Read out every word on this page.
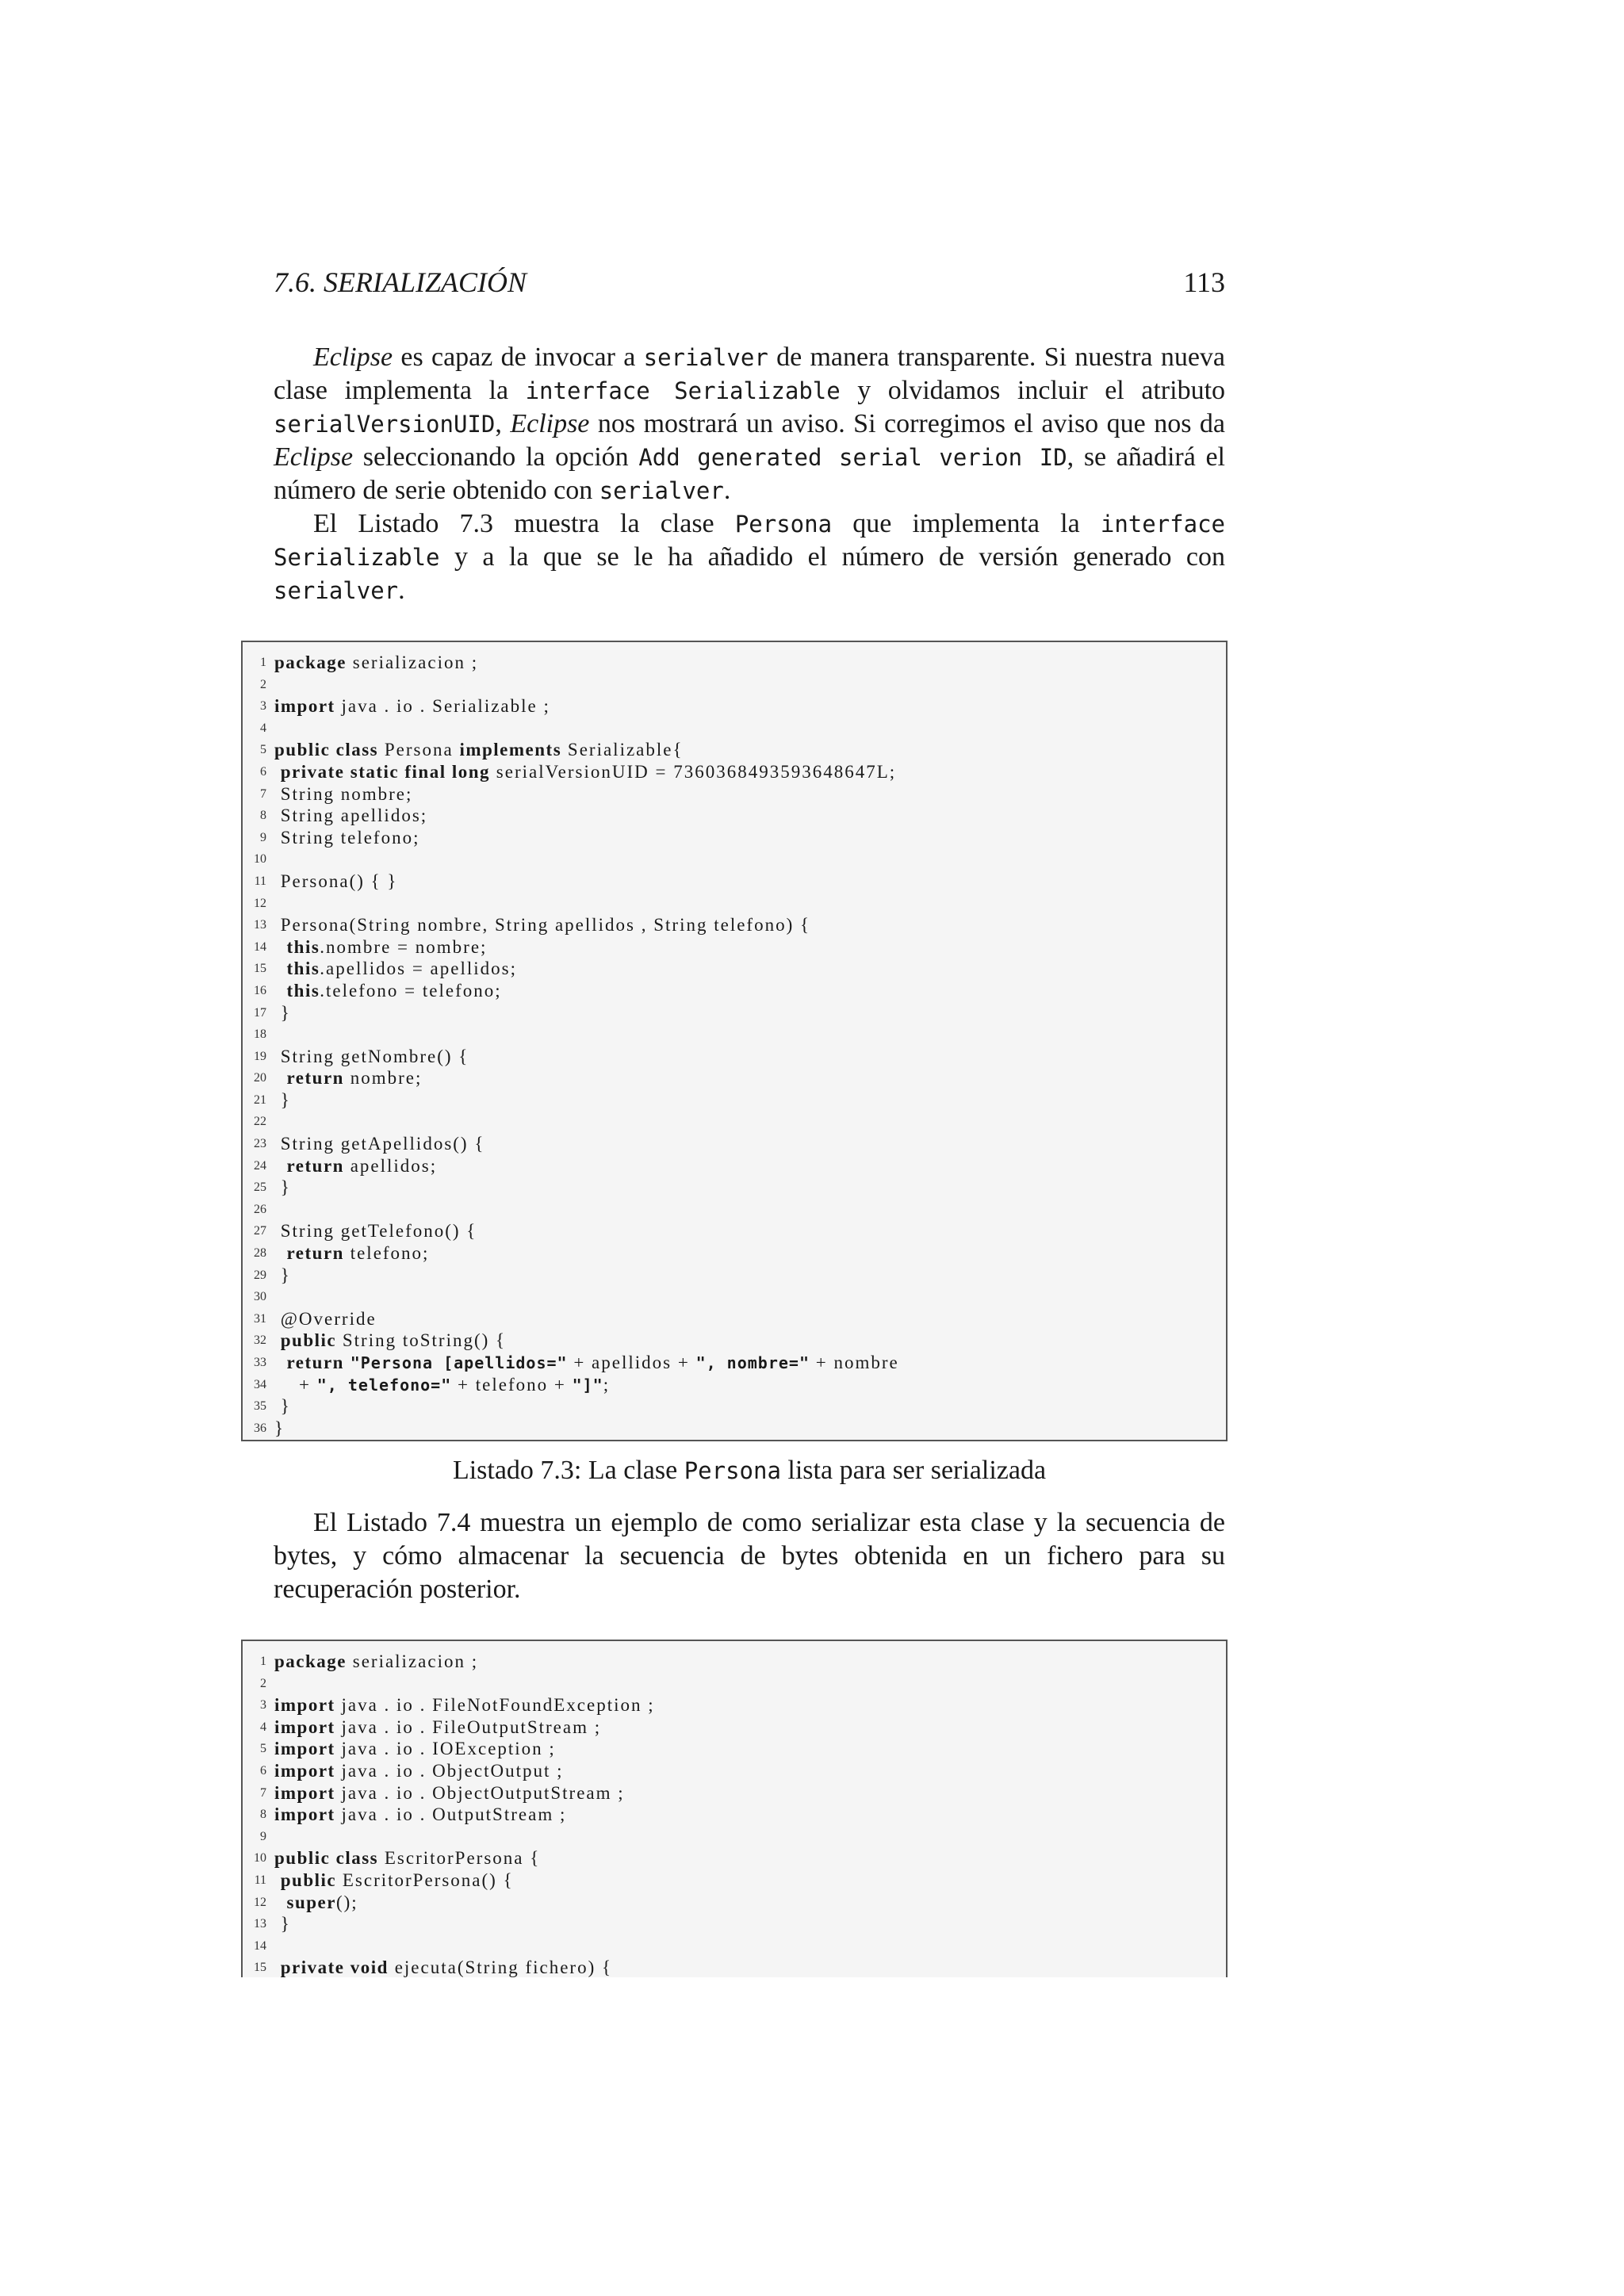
7.6. SERIALIZACIÓN	113

Eclipse es capaz de invocar a serialver de manera transparente. Si nuestra nueva clase implementa la interface Serializable y olvidamos incluir el atributo serialVersionUID, Eclipse nos mostrará un aviso. Si corregimos el aviso que nos da Eclipse seleccionando la opción Add generated serial verion ID, se añadirá el número de serie obtenido con serialver.

El Listado 7.3 muestra la clase Persona que implementa la interface Serializable y a la que se le ha añadido el número de versión generado con serialver.

1 package serializacion ;
2
3 import java . io . Serializable ;
4
5 public class Persona implements Serializable{
6 private static final long serialVersionUID = 7360368493593648647L;
7 String nombre;
8 String apellidos;
9 String telefono;
10
11 Persona() { }
12
13 Persona(String nombre, String apellidos , String telefono) {
14	this.nombre = nombre;
15	this.apellidos = apellidos;
16	this.telefono = telefono;
17 }
18
19 String getNombre() {
20	return nombre;
21 }
22
23 String getApellidos() {
24	return apellidos;
25 }
26
27 String getTelefono() {
28	return telefono;
29 }
30
31 @Override
32 public String toString() {
33	return "Persona [apellidos=" + apellidos + ", nombre=" + nombre
34 + ", telefono=" + telefono + "]";
35 }
36 }
Listado 7.3: La clase Persona lista para ser serializada

El Listado 7.4 muestra un ejemplo de como serializar esta clase y la secuencia de bytes, y cómo almacenar la secuencia de bytes obtenida en un fichero para su recuperación posterior.

1 package serializacion ;
2
3 import java . io . FileNotFoundException ;
4 import java . io . FileOutputStream ;
5 import java . io . IOException ;
6 import java . io . ObjectOutput ;
7 import java . io . ObjectOutputStream ;
8 import java . io . OutputStream ;
9
10 public class EscritorPersona {
11 public EscritorPersona() {
12	super();
13 }
14
15 private void ejecuta(String fichero) {
